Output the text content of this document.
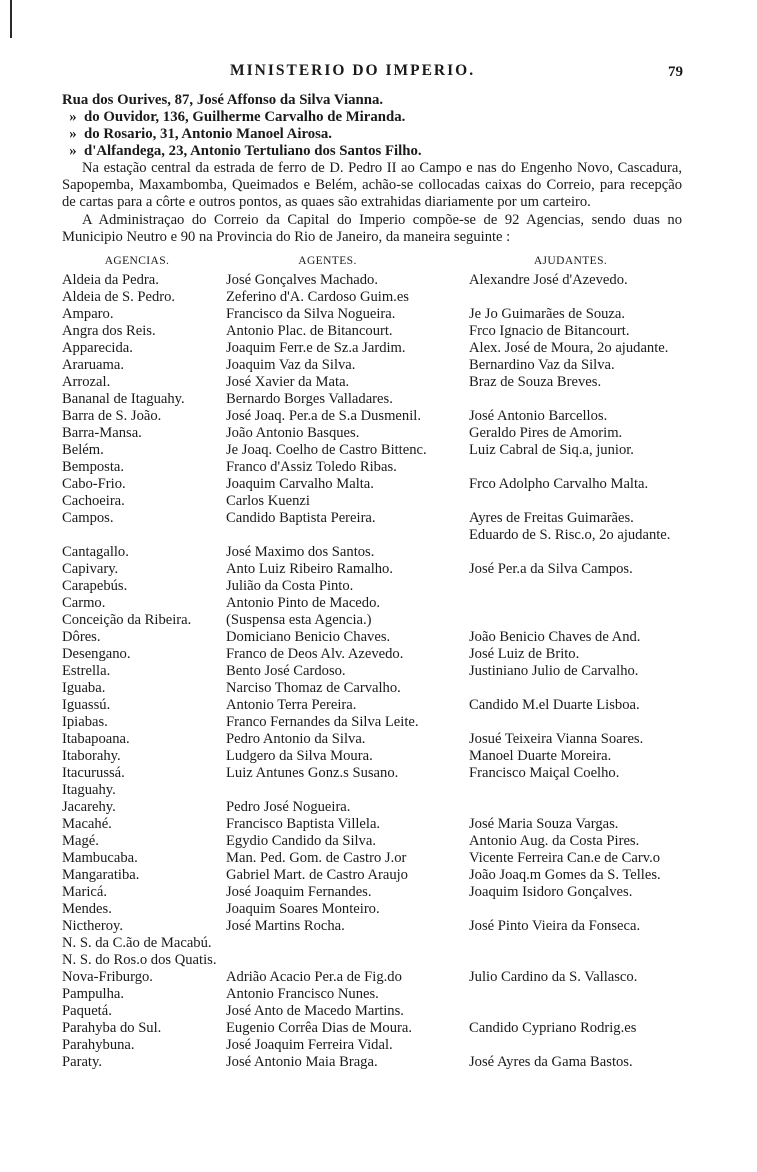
MINISTERIO DO IMPERIO.	79
Rua dos Ourives, 87, José Affonso da Silva Vianna.
» do Ouvidor, 136, Guilherme Carvalho de Miranda.
» do Rosario, 31, Antonio Manoel Airosa.
» d'Alfandega, 23, Antonio Tertuliano dos Santos Filho.

Na estação central da estrada de ferro de D. Pedro II ao Campo e nas do Engenho Novo, Cascadura, Sapopemba, Maxambomba, Queimados e Belém, achão-se collocadas caixas do Correio, para recepção de cartas para a côrte e outros pontos, as quaes são extrahidas diariamente por um carteiro.

A Administraçao do Correio da Capital do Imperio compõe-se de 92 Agencias, sendo duas no Municipio Neutro e 90 na Provincia do Rio de Janeiro, da maneira seguinte :

AGENCIAS.	AGENTES.	AJUDANTES.
Aldeia da Pedra.	José Gonçalves Machado.	Alexandre José d'Azevedo.
Aldeia de S. Pedro.	Zeferino d'A. Cardoso Guim.es
Amparo.	Francisco da Silva Nogueira.	Je Jo Guimarães de Souza.
Angra dos Reis.	Antonio Plac. de Bitancourt.	Frco Ignacio de Bitancourt.
Apparecida.	Joaquim Ferr.e de Sz.a Jardim.	Alex. José de Moura, 2o ajudante.
Araruama.	Joaquim Vaz da Silva.	Bernardino Vaz da Silva.
Arrozal.	José Xavier da Mata.	Braz de Souza Breves.
Bananal de Itaguahy.	Bernardo Borges Valladares.
Barra de S. João.	José Joaq. Per.a de S.a Dusmenil.	José Antonio Barcellos.
Barra-Mansa.	João Antonio Basques.	Geraldo Pires de Amorim.
Belém.	Je Joaq. Coelho de Castro Bittenc.	Luiz Cabral de Siq.a, junior.
Bemposta.	Franco d'Assiz Toledo Ribas.
Cabo-Frio.	Joaquim Carvalho Malta.	Frco Adolpho Carvalho Malta.
Cachoeira.	Carlos Kuenzi
Campos.	Candido Baptista Pereira.	Ayres de Freitas Guimarães.
Eduardo de S. Risc.o, 2o ajudante.
Cantagallo.	José Maximo dos Santos.
Capivary.	Anto Luiz Ribeiro Ramalho.	José Per.a da Silva Campos.
Carapebús.	Julião da Costa Pinto.
Carmo.	Antonio Pinto de Macedo.
Conceição da Ribeira.	(Suspensa esta Agencia.)
Dôres.	Domiciano Benicio Chaves.	João Benicio Chaves de And.
Desengano.	Franco de Deos Alv. Azevedo.	José Luiz de Brito.
Estrella.	Bento José Cardoso.	Justiniano Julio de Carvalho.
Iguaba.	Narciso Thomaz de Carvalho.
Iguassú.	Antonio Terra Pereira.	Candido M.el Duarte Lisboa.
Ipiabas.	Franco Fernandes da Silva Leite.
Itabapoana.	Pedro Antonio da Silva.	Josué Teixeira Vianna Soares.
Itaborahy.	Ludgero da Silva Moura.	Manoel Duarte Moreira.
Itacurussá.	Luiz Antunes Gonz.s Susano.	Francisco Maiçal Coelho.
Itaguahy.
Jacarehy.	Pedro José Nogueira.
Macahé.	Francisco Baptista Villela.	José Maria Souza Vargas.
Magé.	Egydio Candido da Silva.	Antonio Aug. da Costa Pires.
Mambucaba.	Man. Ped. Gom. de Castro J.or	Vicente Ferreira Can.e de Carv.o
Mangaratiba.	Gabriel Mart. de Castro Araujo	João Joaq.m Gomes da S. Telles.
Maricá.	José Joaquim Fernandes.	Joaquim Isidoro Gonçalves.
Mendes.	Joaquim Soares Monteiro.
Nictheroy.	José Martins Rocha.	José Pinto Vieira da Fonseca.
N. S. da C.ão de Macabú.
N. S. do Ros.o dos Quatis.
Nova-Friburgo.	Adrião Acacio Per.a de Fig.do	Julio Cardino da S. Vallasco.
Pampulha.	Antonio Francisco Nunes.
Paquetá.	José Anto de Macedo Martins.
Parahyba do Sul.	Eugenio Corrêa Dias de Moura.	Candido Cypriano Rodrig.es
Parahybuna.	José Joaquim Ferreira Vidal.
Paraty.	José Antonio Maia Braga.	José Ayres da Gama Bastos.
